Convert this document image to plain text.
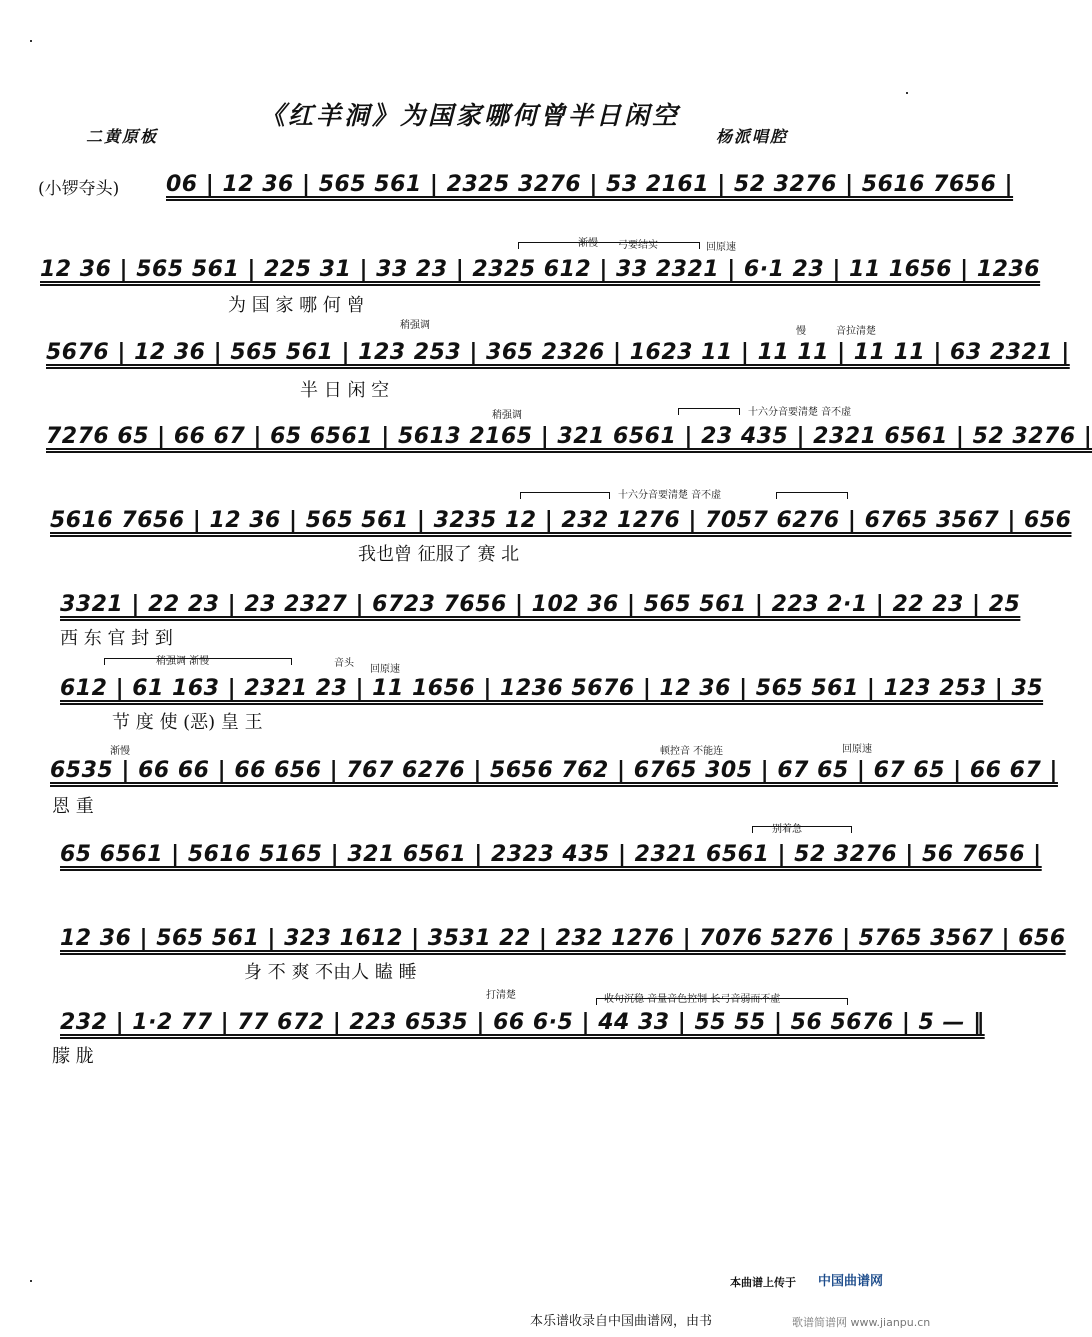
《红羊洞》为国家哪何曾半日闲空
二黄原板	杨派唱腔
(小锣夺头) 06 | 12 36 | 565 561 | 2325 3276 | 53 2161 | 52 3276 | 5616 7656 |
渐慢 弓要结实	回原速
12 36 | 565 561 | 225 31 | 33 23 | 2325 612 | 33 2321 | 6·1 23 | 11 1656 | 1236
为 国 家 哪 何 曾
稍强调
慢	音拉清楚
5676 | 12 36 | 565 561 | 123 253 | 365 2326 | 1623 11 | 11 11 | 11 11 | 63 2321 |
半 日 闲 空
稍强调	十六分音要清楚 音不虚
7276 65 | 66 67 | 65 6561 | 5613 2165 | 321 6561 | 23 435 | 2321 6561 | 52 3276 |
十六分音要清楚 音不虚
5616 7656 | 12 36 | 565 561 | 3235 12 | 232 1276 | 7057 6276 | 6765 3567 | 656
我也曾 征服了 赛 北
3321 | 22 23 | 23 2327 | 6723 7656 | 102 36 | 565 561 | 223 2·1 | 22 23 | 25
西 东 官 封 到
稍强调 渐慢	音头
回原速
612 | 61 163 | 2321 23 | 11 1656 | 1236 5676 | 12 36 | 565 561 | 123 253 | 35
节 度 使 (恶) 皇 王
渐慢	顿控音 不能连	回原速
6535 | 66 66 | 66 656 | 767 6276 | 5656 762 | 6765 305 | 67 65 | 67 65 | 66 67 |
恩 重
别着急
65 6561 | 5616 5165 | 321 6561 | 2323 435 | 2321 6561 | 52 3276 | 56 7656 |
12 36 | 565 561 | 323 1612 | 3531 22 | 232 1276 | 7076 5276 | 5765 3567 | 656
身 不 爽 不由人 瞌 睡
打清楚	收句沉稳 音量音色控制 长弓音弱而不虚
232 | 1·2 77 | 77 672 | 223 6535 | 66 6·5 | 44 33 | 55 55 | 56 5676 | 5 — ‖
朦 胧
本曲谱上传于 中国曲谱网
本乐谱收录自中国曲谱网，由书	歌谱简谱网 www.jianpu.cn
